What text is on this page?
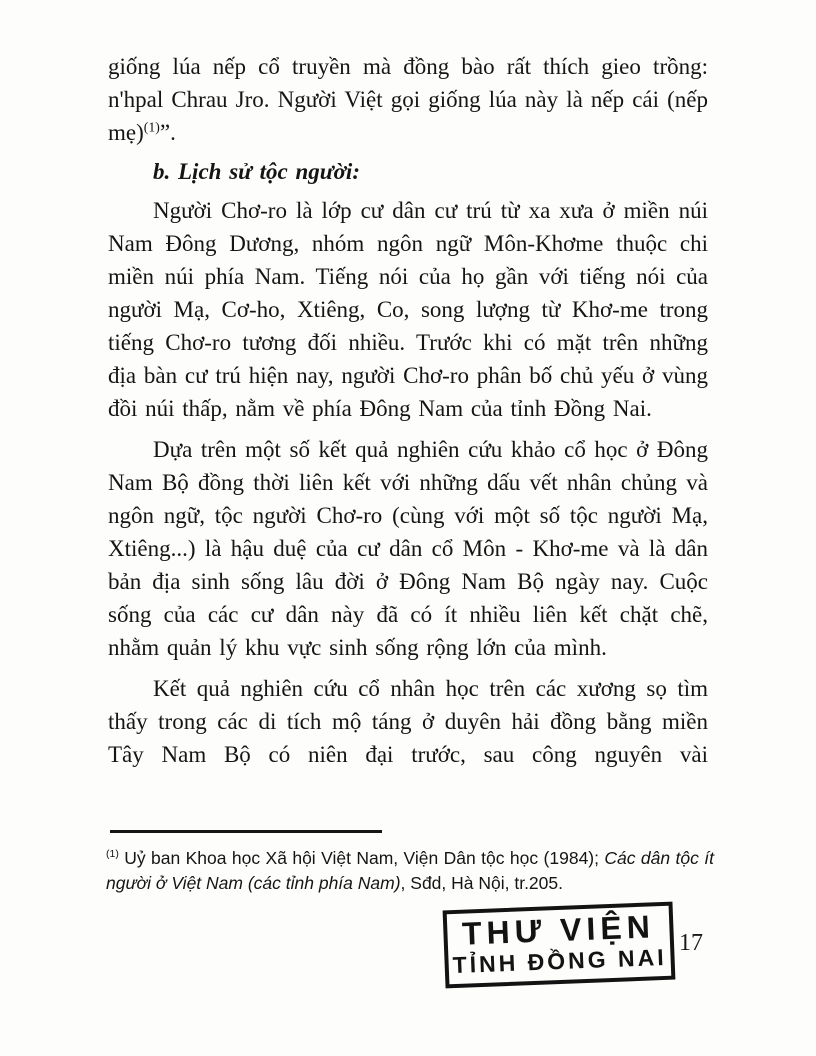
giống lúa nếp cổ truyền mà đồng bào rất thích gieo trồng: n'hpal Chrau Jro. Người Việt gọi giống lúa này là nếp cái (nếp mẹ)$^{(1)}$”.

b. Lịch sử tộc người:

Người Chơ-ro là lớp cư dân cư trú từ xa xưa ở miền núi Nam Đông Dương, nhóm ngôn ngữ Môn-Khơme thuộc chi miền núi phía Nam. Tiếng nói của họ gần với tiếng nói của người Mạ, Cơ-ho, Xtiêng, Co, song lượng từ Khơ-me trong tiếng Chơ-ro tương đối nhiều. Trước khi có mặt trên những địa bàn cư trú hiện nay, người Chơ-ro phân bố chủ yếu ở vùng đồi núi thấp, nằm về phía Đông Nam của tỉnh Đồng Nai.

Dựa trên một số kết quả nghiên cứu khảo cổ học ở Đông Nam Bộ đồng thời liên kết với những dấu vết nhân chủng và ngôn ngữ, tộc người Chơ-ro (cùng với một số tộc người Mạ, Xtiêng...) là hậu duệ của cư dân cổ Môn - Khơ-me và là dân bản địa sinh sống lâu đời ở Đông Nam Bộ ngày nay. Cuộc sống của các cư dân này đã có ít nhiều liên kết chặt chẽ, nhằm quản lý khu vực sinh sống rộng lớn của mình.

Kết quả nghiên cứu cổ nhân học trên các xương sọ tìm thấy trong các di tích mộ táng ở duyên hải đồng bằng miền Tây Nam Bộ có niên đại trước, sau công nguyên vài

$^{(1)}$ Uỷ ban Khoa học Xã hội Việt Nam, Viện Dân tộc học (1984); Các dân tộc ít người ở Việt Nam (các tỉnh phía Nam), Sđd, Hà Nội, tr.205.

THƯ VIỆN
TỈNH ĐỒNG NAI
17
